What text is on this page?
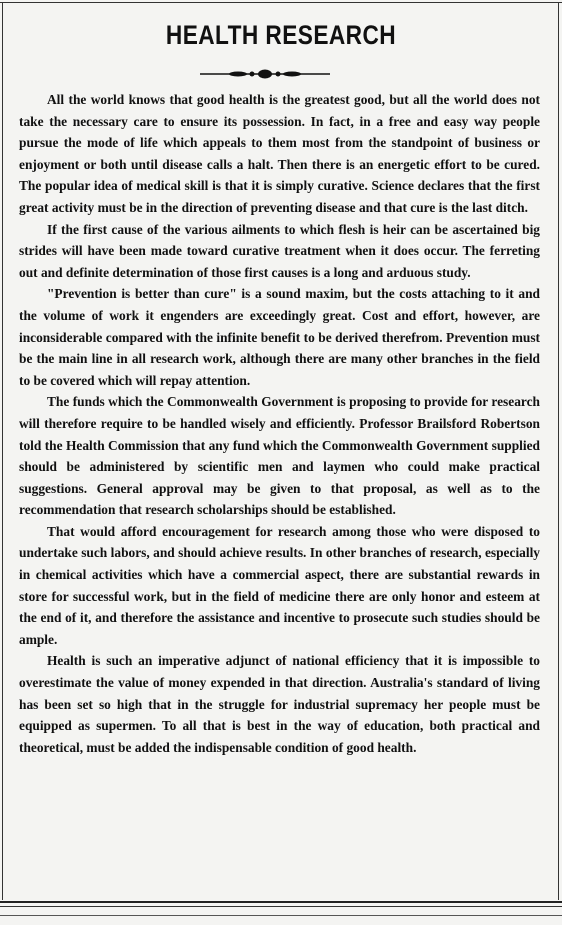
HEALTH RESEARCH

All the world knows that good health is the greatest good, but all the world does not take the necessary care to ensure its possession. In fact, in a free and easy way people pursue the mode of life which appeals to them most from the standpoint of business or enjoyment or both until disease calls a halt. Then there is an energetic effort to be cured. The popular idea of medical skill is that it is simply curative. Science declares that the first great activity must be in the direction of preventing disease and that cure is the last ditch.

If the first cause of the various ailments to which flesh is heir can be ascertained big strides will have been made toward curative treatment when it does occur. The ferreting out and definite determination of those first causes is a long and arduous study.

"Prevention is better than cure" is a sound maxim, but the costs attaching to it and the volume of work it engenders are exceedingly great. Cost and effort, however, are inconsiderable compared with the infinite benefit to be derived therefrom. Prevention must be the main line in all research work, although there are many other branches in the field to be covered which will repay attention.

The funds which the Commonwealth Government is proposing to provide for research will therefore require to be handled wisely and efficiently. Professor Brailsford Robertson told the Health Commission that any fund which the Commonwealth Government supplied should be administered by scientific men and laymen who could make practical suggestions. General approval may be given to that proposal, as well as to the recommendation that research scholarships should be established.

That would afford encouragement for research among those who were disposed to undertake such labors, and should achieve results. In other branches of research, especially in chemical activities which have a commercial aspect, there are substantial rewards in store for successful work, but in the field of medicine there are only honor and esteem at the end of it, and therefore the assistance and incentive to prosecute such studies should be ample.

Health is such an imperative adjunct of national efficiency that it is impossible to overestimate the value of money expended in that direction. Australia's standard of living has been set so high that in the struggle for industrial supremacy her people must be equipped as supermen. To all that is best in the way of education, both practical and theoretical, must be added the indispensable condition of good health.
